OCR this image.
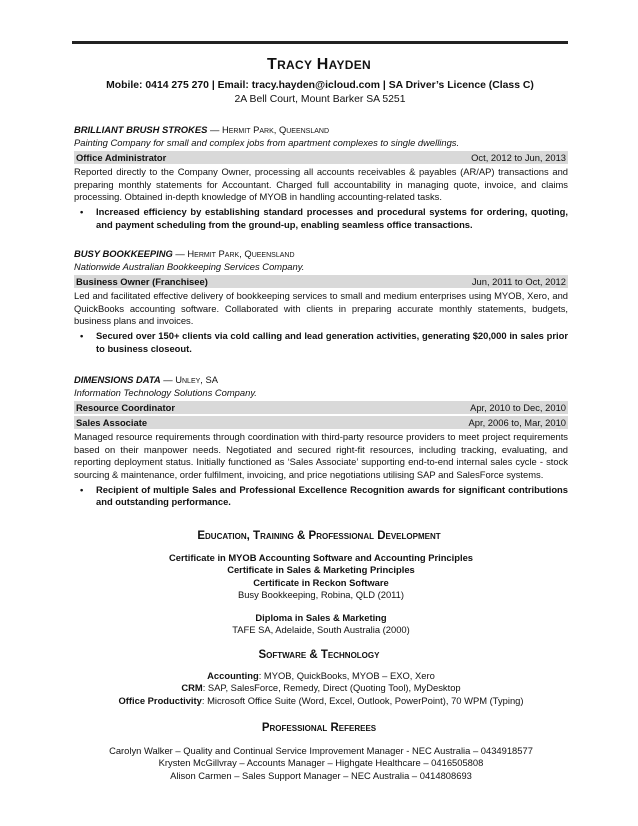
TRACY HAYDEN
Mobile: 0414 275 270 | Email: tracy.hayden@icloud.com | SA Driver’s Licence (Class C)
2A Bell Court, Mount Barker SA 5251
BRILLIANT BRUSH STROKES — Hermit Park, Queensland
Painting Company for small and complex jobs from apartment complexes to single dwellings.
Office Administrator	Oct, 2012 to Jun, 2013
Reported directly to the Company Owner, processing all accounts receivables & payables (AR/AP) transactions and preparing monthly statements for Accountant. Charged full accountability in managing quote, invoice, and claims processing. Obtained in-depth knowledge of MYOB in handling accounting-related tasks.
• Increased efficiency by establishing standard processes and procedural systems for ordering, quoting, and payment scheduling from the ground-up, enabling seamless office transactions.
BUSY BOOKKEEPING — Hermit Park, Queensland
Nationwide Australian Bookkeeping Services Company.
Business Owner (Franchisee)	Jun, 2011 to Oct, 2012
Led and facilitated effective delivery of bookkeeping services to small and medium enterprises using MYOB, Xero, and QuickBooks accounting software. Collaborated with clients in preparing accurate monthly statements, budgets, business plans and invoices.
• Secured over 150+ clients via cold calling and lead generation activities, generating $20,000 in sales prior to business closeout.
DIMENSIONS DATA — Unley, SA
Information Technology Solutions Company.
Resource Coordinator	Apr, 2010 to Dec, 2010
Sales Associate	Apr, 2006 to, Mar, 2010
Managed resource requirements through coordination with third-party resource providers to meet project requirements based on their manpower needs. Negotiated and secured right-fit resources, including tracking, evaluating, and reporting deployment status. Initially functioned as ‘Sales Associate’ supporting end-to-end internal sales cycle - stock sourcing & maintenance, order fulfilment, invoicing, and price negotiations utilising SAP and SalesForce systems.
• Recipient of multiple Sales and Professional Excellence Recognition awards for significant contributions and outstanding performance.
Education, Training & Professional Development
Certificate in MYOB Accounting Software and Accounting Principles
Certificate in Sales & Marketing Principles
Certificate in Reckon Software
Busy Bookkeeping, Robina, QLD (2011)
Diploma in Sales & Marketing
TAFE SA, Adelaide, South Australia (2000)
Software & Technology
Accounting: MYOB, QuickBooks, MYOB – EXO, Xero
CRM: SAP, SalesForce, Remedy, Direct (Quoting Tool), MyDesktop
Office Productivity: Microsoft Office Suite (Word, Excel, Outlook, PowerPoint), 70 WPM (Typing)
Professional Referees
Carolyn Walker – Quality and Continual Service Improvement Manager - NEC Australia – 0434918577
Krysten McGillvray – Accounts Manager – Highgate Healthcare – 0416505808
Alison Carmen – Sales Support Manager – NEC Australia – 0414808693
